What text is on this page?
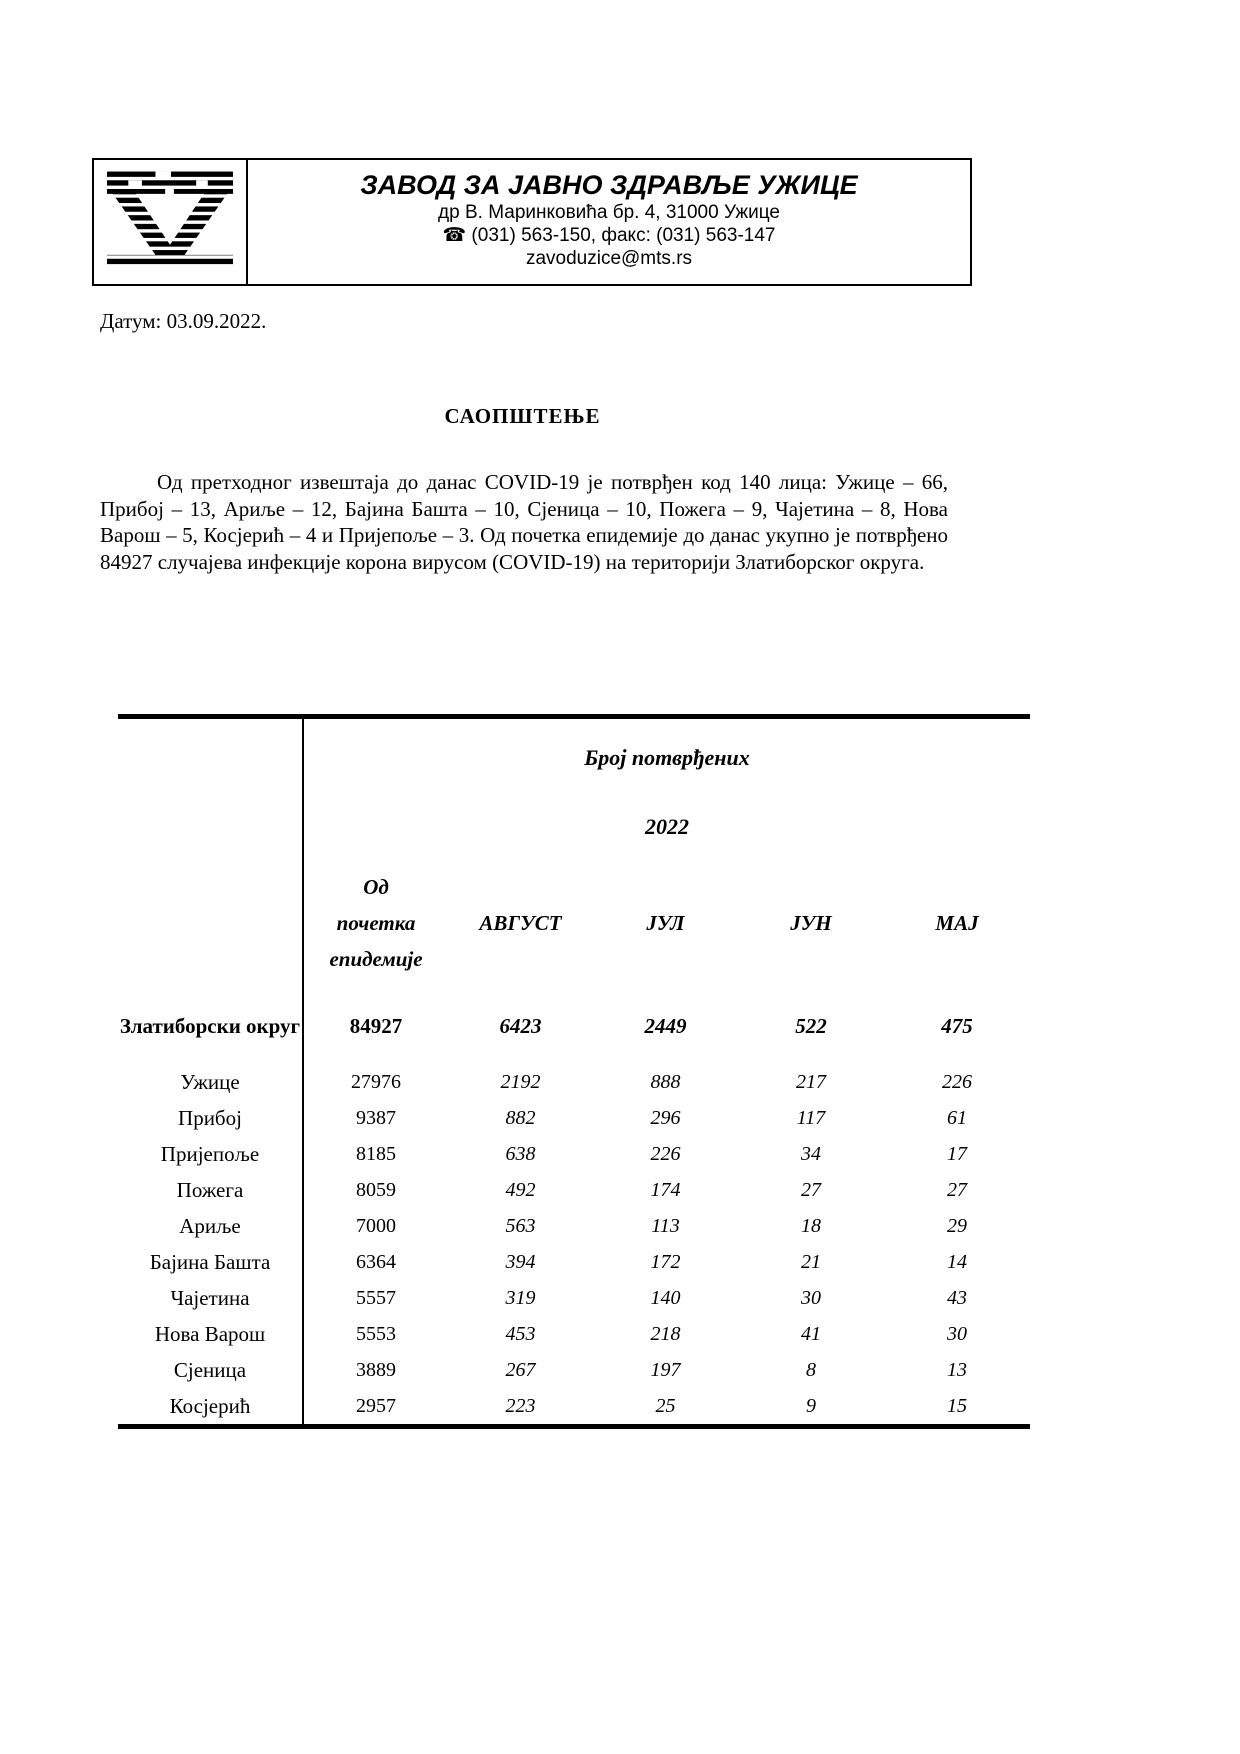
ЗАВОД ЗА ЈАВНО ЗДРАВЉЕ УЖИЦЕ
др В. Маринковића бр. 4, 31000 Ужице
☎ (031) 563-150, факс: (031) 563-147
zavoduzice@mts.rs
Датум: 03.09.2022.
САОПШТЕЊЕ
Од претходног извештаја до данас COVID-19 је потврђен код 140 лица: Ужице – 66, Прибој – 13, Ариље – 12, Бајина Башта – 10, Сјеница – 10, Пожега – 9, Чајетина – 8, Нова Варош – 5, Косјерић – 4 и Пријепоље – 3. Од почетка епидемије до данас укупно је потврђено 84927 случајева инфекције корона вирусом (COVID-19) на територији Златиборског округа.
	Број потврђених				
	2022				

	Од почетка епидемије	АВГУСТ	ЈУЛ	ЈУН	МАЈ

Златиборски округ	84927	6423	2449	522	475
Ужице	27976	2192	888	217	226
Прибој	9387	882	296	117	61
Пријепоље	8185	638	226	34	17
Пожега	8059	492	174	27	27
Ариље	7000	563	113	18	29
Бајина Башта	6364	394	172	21	14
Чајетина	5557	319	140	30	43
Нова Варош	5553	453	218	41	30
Сјеница	3889	267	197	8	13
Косјерић	2957	223	25	9	15
